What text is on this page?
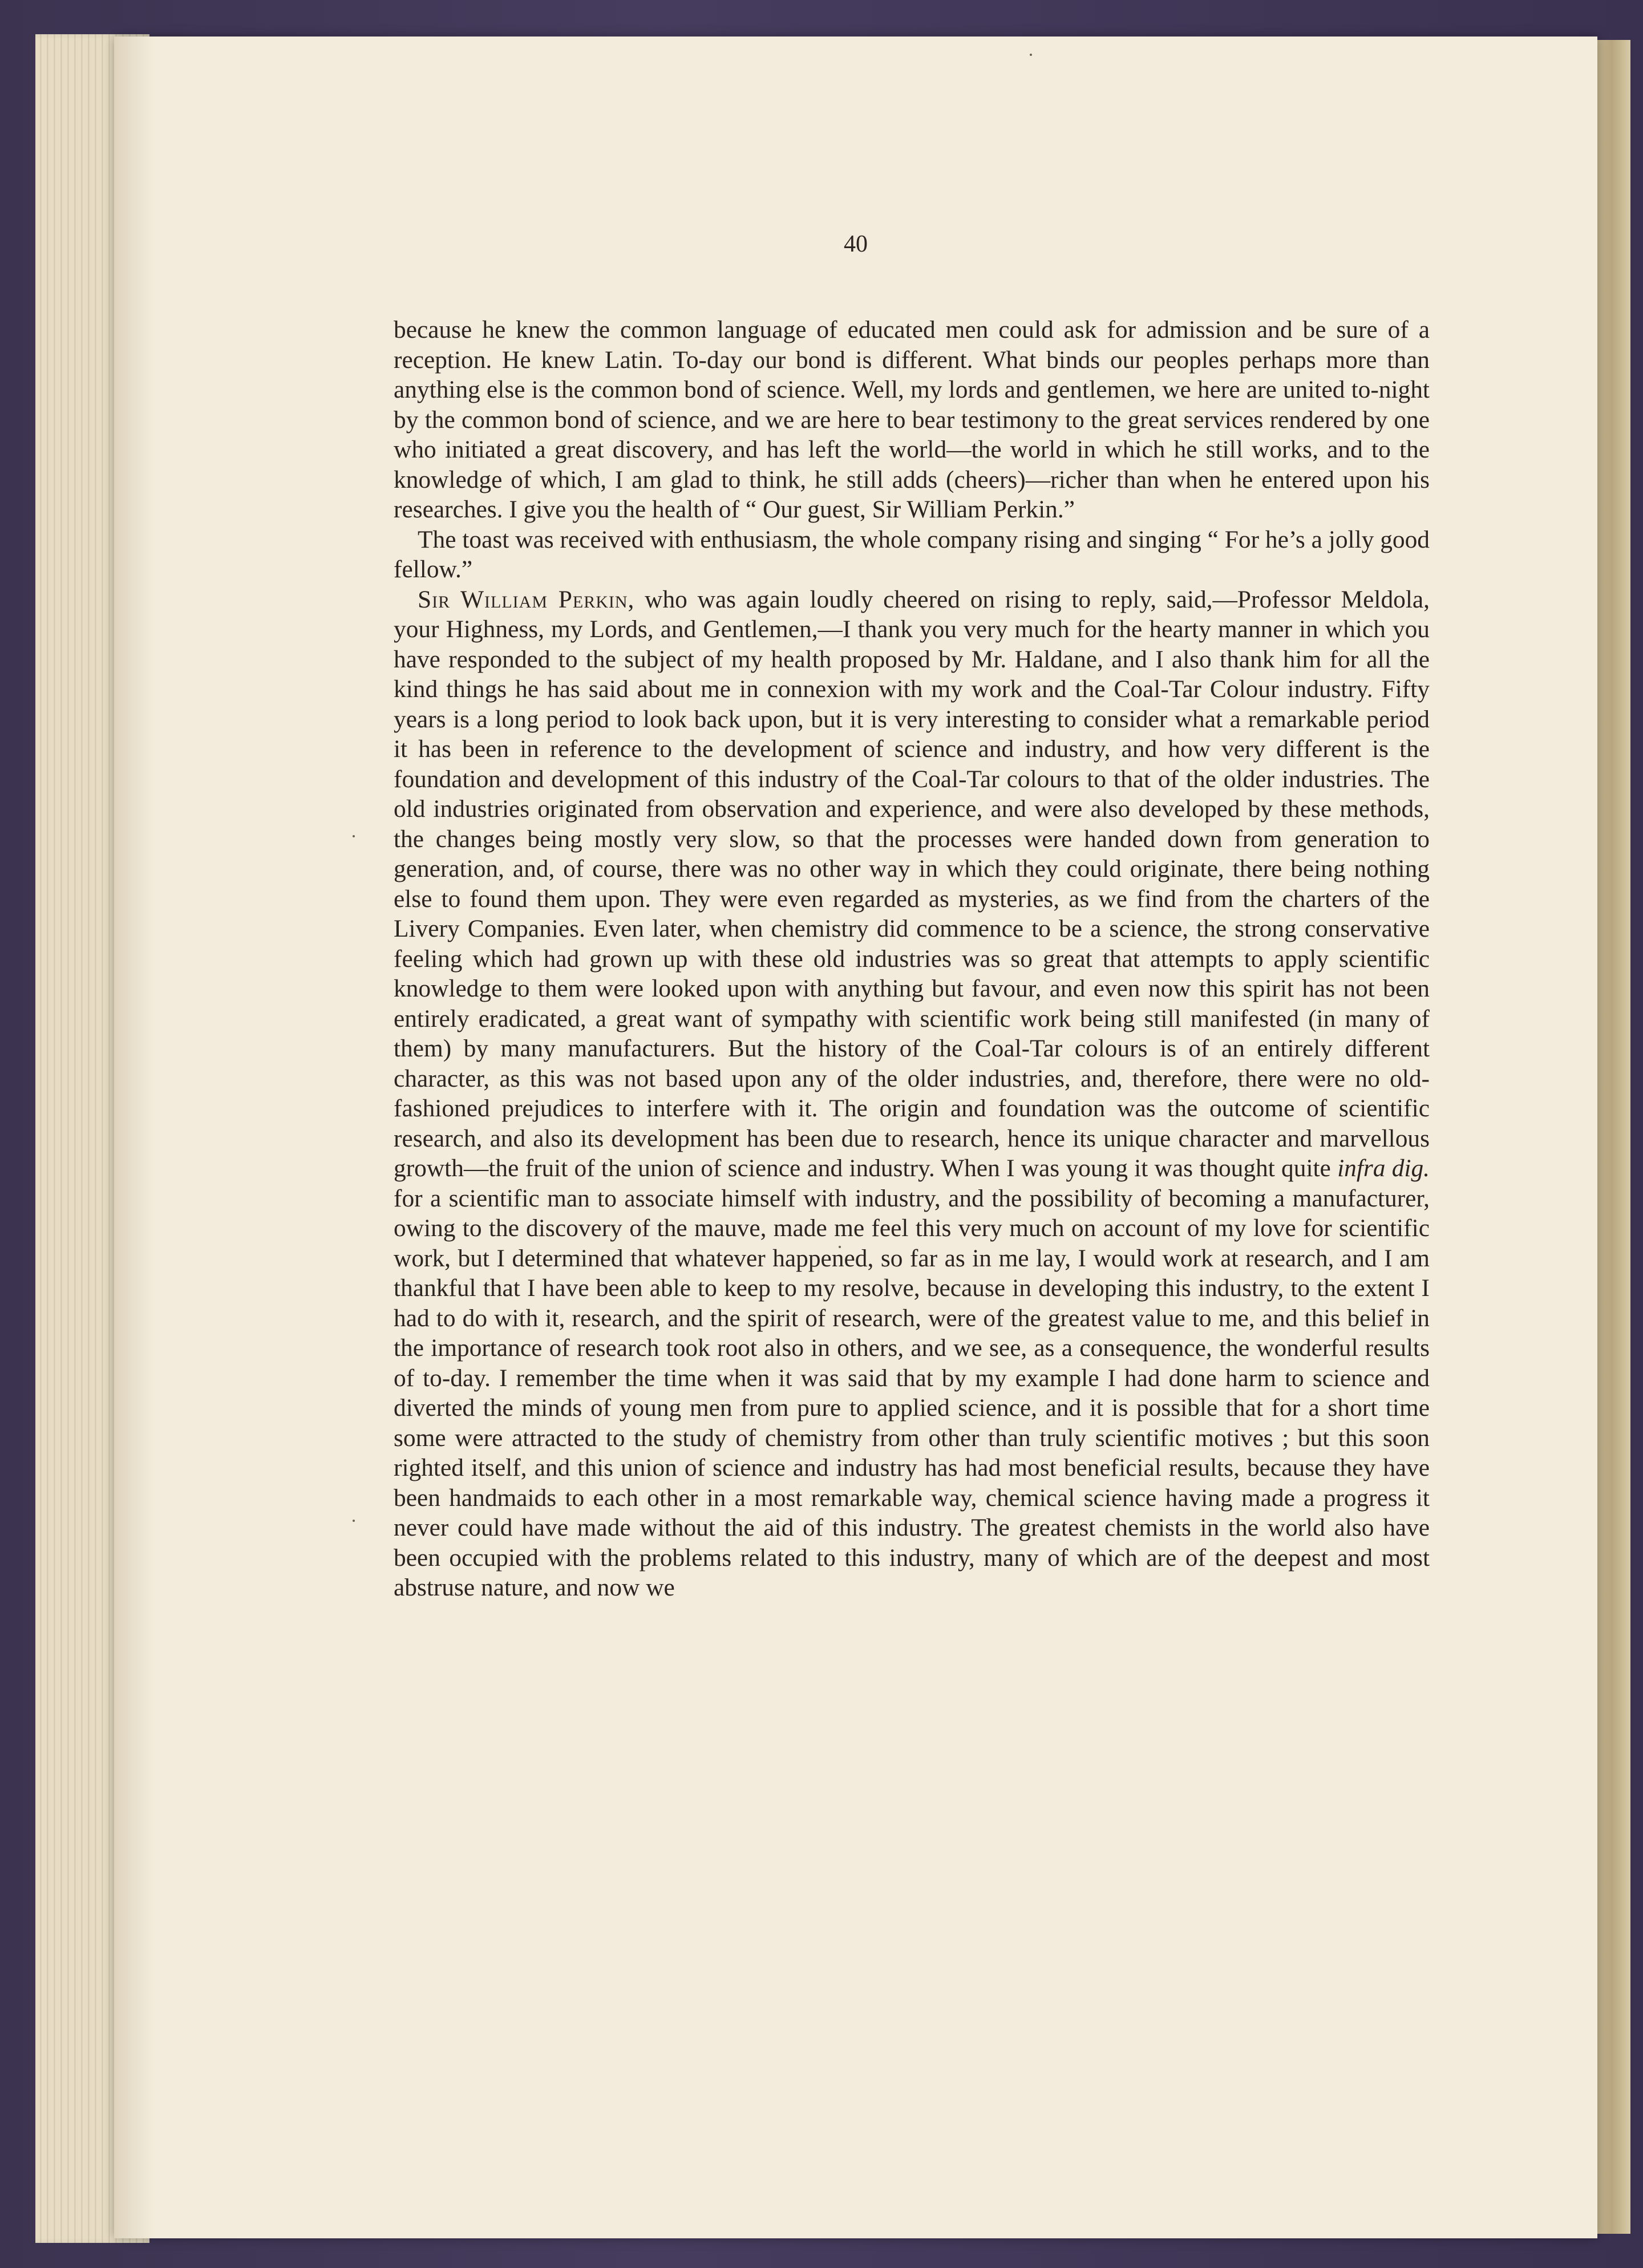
40

because he knew the common language of educated men could ask for admission and be sure of a reception. He knew Latin. To-day our bond is different. What binds our peoples perhaps more than anything else is the common bond of science. Well, my lords and gentlemen, we here are united to-night by the common bond of science, and we are here to bear testimony to the great services rendered by one who initiated a great discovery, and has left the world—the world in which he still works, and to the knowledge of which, I am glad to think, he still adds (cheers)—richer than when he entered upon his researches. I give you the health of “ Our guest, Sir William Perkin.”

The toast was received with enthusiasm, the whole company rising and singing “ For he’s a jolly good fellow.”

Sir William Perkin, who was again loudly cheered on rising to reply, said,—Professor Meldola, your Highness, my Lords, and Gentlemen,—I thank you very much for the hearty manner in which you have responded to the subject of my health proposed by Mr. Haldane, and I also thank him for all the kind things he has said about me in connexion with my work and the Coal-Tar Colour industry. Fifty years is a long period to look back upon, but it is very interesting to consider what a remarkable period it has been in reference to the development of science and industry, and how very different is the foundation and development of this industry of the Coal-Tar colours to that of the older industries. The old industries originated from observation and experience, and were also developed by these methods, the changes being mostly very slow, so that the processes were handed down from generation to generation, and, of course, there was no other way in which they could originate, there being nothing else to found them upon. They were even regarded as mysteries, as we find from the charters of the Livery Companies. Even later, when chemistry did commence to be a science, the strong conservative feeling which had grown up with these old industries was so great that attempts to apply scientific knowledge to them were looked upon with anything but favour, and even now this spirit has not been entirely eradicated, a great want of sympathy with scientific work being still manifested (in many of them) by many manufacturers. But the history of the Coal-Tar colours is of an entirely different character, as this was not based upon any of the older industries, and, therefore, there were no old-fashioned prejudices to interfere with it. The origin and foundation was the outcome of scientific research, and also its development has been due to research, hence its unique character and marvellous growth—the fruit of the union of science and industry. When I was young it was thought quite infra dig. for a scientific man to associate himself with industry, and the possibility of becoming a manufacturer, owing to the discovery of the mauve, made me feel this very much on account of my love for scientific work, but I determined that whatever happened, so far as in me lay, I would work at research, and I am thankful that I have been able to keep to my resolve, because in developing this industry, to the extent I had to do with it, research, and the spirit of research, were of the greatest value to me, and this belief in the importance of research took root also in others, and we see, as a consequence, the wonderful results of to-day. I remember the time when it was said that by my example I had done harm to science and diverted the minds of young men from pure to applied science, and it is possible that for a short time some were attracted to the study of chemistry from other than truly scientific motives ; but this soon righted itself, and this union of science and industry has had most beneficial results, because they have been handmaids to each other in a most remarkable way, chemical science having made a progress it never could have made without the aid of this industry. The greatest chemists in the world also have been occupied with the problems related to this industry, many of which are of the deepest and most abstruse nature, and now we
